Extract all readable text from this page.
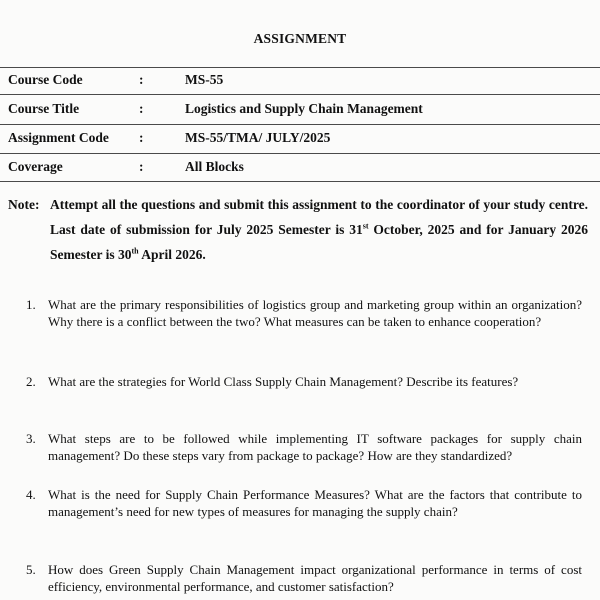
ASSIGNMENT
Course Code	:	MS-55
Course Title	:	Logistics and Supply Chain Management
Assignment Code :	MS-55/TMA/ JULY/2025
Coverage	:	All Blocks
Note: Attempt all the questions and submit this assignment to the coordinator of your study centre. Last date of submission for July 2025 Semester is 31st October, 2025 and for January 2026 Semester is 30th April 2026.
1. What are the primary responsibilities of logistics group and marketing group within an organization? Why there is a conflict between the two? What measures can be taken to enhance cooperation?
2. What are the strategies for World Class Supply Chain Management? Describe its features?
3. What steps are to be followed while implementing IT software packages for supply chain management? Do these steps vary from package to package? How are they standardized?
4. What is the need for Supply Chain Performance Measures? What are the factors that contribute to management’s need for new types of measures for managing the supply chain?
5. How does Green Supply Chain Management impact organizational performance in terms of cost efficiency, environmental performance, and customer satisfaction?
